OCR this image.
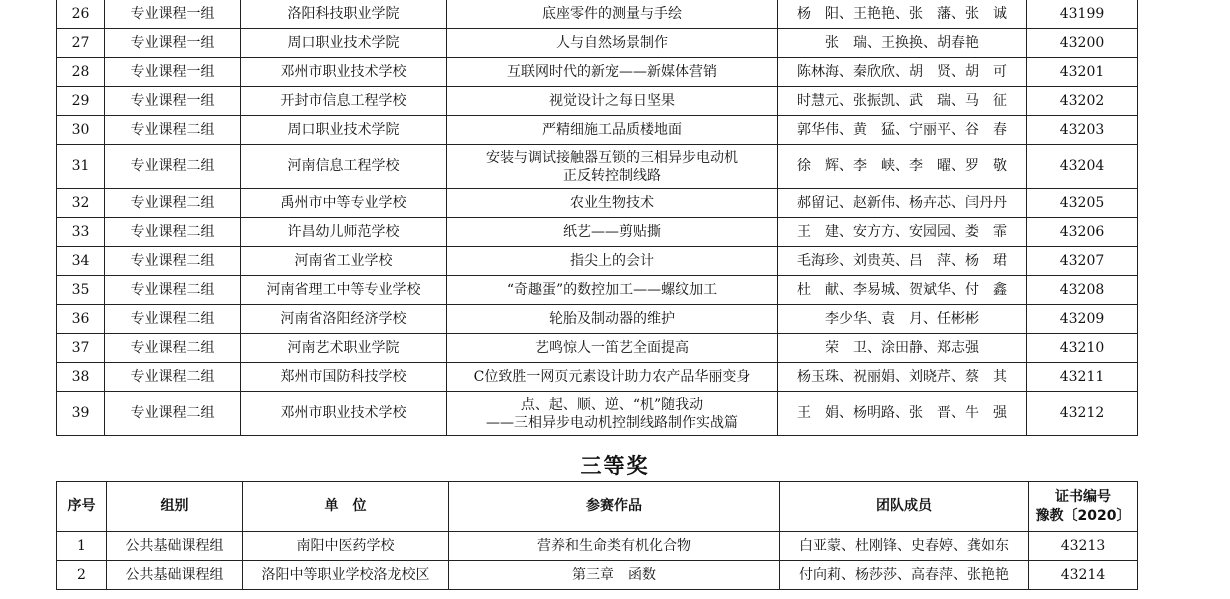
26	专业课程一组	洛阳科技职业学院	底座零件的测量与手绘	杨　阳、王艳艳、张　藩、张　诚	43199
27	专业课程一组	周口职业技术学院	人与自然场景制作	张　瑞、王换换、胡春艳	43200
28	专业课程一组	邓州市职业技术学校	互联网时代的新宠——新媒体营销	陈林海、秦欣欣、胡　贤、胡　可	43201
29	专业课程一组	开封市信息工程学校	视觉设计之每日坚果	时慧元、张振凯、武　瑞、马　征	43202
30	专业课程二组	周口职业技术学院	严精细施工品质楼地面	郭华伟、黄　猛、宁丽平、谷　春	43203
31	专业课程二组	河南信息工程学校	安装与调试接触器互锁的三相异步电动机
正反转控制线路	徐　辉、李　峡、李　曜、罗　敬	43204
32	专业课程二组	禹州市中等专业学校	农业生物技术	郝留记、赵新伟、杨卉芯、闫丹丹	43205
33	专业课程二组	许昌幼儿师范学校	纸艺——剪贴撕	王　建、安方方、安园园、娄　霏	43206
34	专业课程二组	河南省工业学校	指尖上的会计	毛海珍、刘贵英、吕　萍、杨　珺	43207
35	专业课程二组	河南省理工中等专业学校	“奇趣蛋”的数控加工——螺纹加工	杜　献、李易城、贺斌华、付　鑫	43208
36	专业课程二组	河南省洛阳经济学校	轮胎及制动器的维护	李少华、袁　月、任彬彬	43209
37	专业课程二组	河南艺术职业学院	艺鸣惊人一笛艺全面提高	荣　卫、涂田静、郑志强	43210
38	专业课程二组	郑州市国防科技学校	C位致胜一网页元素设计助力农产品华丽变身	杨玉珠、祝丽娟、刘晓芹、蔡　其	43211
39	专业课程二组	邓州市职业技术学校	点、起、顺、逆、“机”随我动
——三相异步电动机控制线路制作实战篇	王　娟、杨明路、张　晋、牛　强	43212
三等奖
序号	组别	单　位	参赛作品	团队成员	证书编号
豫教〔2020〕

1	公共基础课程组	南阳中医药学校	营养和生命类有机化合物	白亚蒙、杜刚锋、史春婷、龚如东	43213
2	公共基础课程组	洛阳中等职业学校洛龙校区	第三章　函数	付向莉、杨莎莎、高春萍、张艳艳	43214
